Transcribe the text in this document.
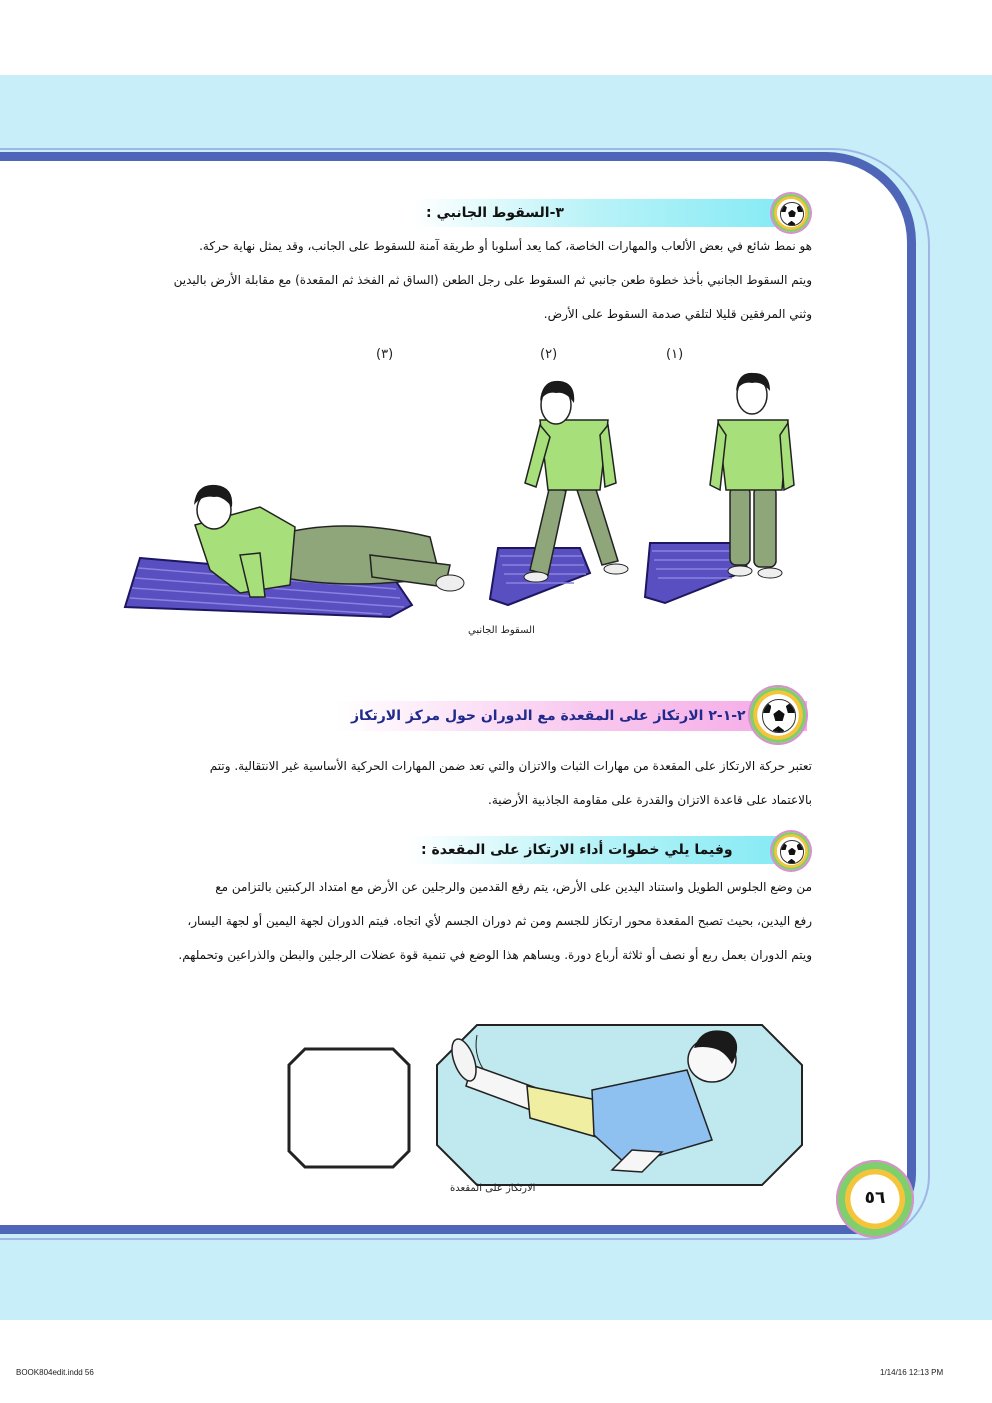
٣-السقوط الجانبي :
هو نمط شائع في بعض الألعاب والمهارات الخاصة، كما يعد أسلوبا أو طريقة آمنة للسقوط على الجانب، وقد يمثل نهاية حركة.
ويتم السقوط الجانبي بأخذ خطوة طعن جانبي ثم السقوط على رجل الطعن (الساق ثم الفخذ ثم المقعدة) مع مقابلة الأرض باليدين
وثني المرفقين قليلا لتلقي صدمة السقوط على الأرض.
(١)
(٢)
(٣)
السقوط الجانبي
٢-١-٢ الارتكاز على المقعدة مع الدوران حول مركز الارتكاز
تعتبر حركة الارتكاز على المقعدة من مهارات الثبات والاتزان والتي تعد ضمن المهارات الحركية الأساسية غير الانتقالية. وتتم
بالاعتماد على قاعدة الاتزان والقدرة على مقاومة الجاذبية الأرضية.
وفيما يلي خطوات أداء الارتكاز على المقعدة :
من وضع الجلوس الطويل واستناد اليدين على الأرض، يتم رفع القدمين والرجلين عن الأرض مع امتداد الركبتين بالتزامن مع
رفع اليدين، بحيث تصبح المقعدة محور ارتكاز للجسم ومن ثم دوران الجسم لأي اتجاه. فيتم الدوران لجهة اليمين أو لجهة اليسار،
ويتم الدوران بعمل ربع أو نصف أو ثلاثة أرباع دورة. ويساهم هذا الوضع في تنمية قوة عضلات الرجلين والبطن والذراعين وتحملهم.
الارتكاز على المقعدة	٥٦
BOOK804edit.indd 56	1/14/16 12:13 PM
